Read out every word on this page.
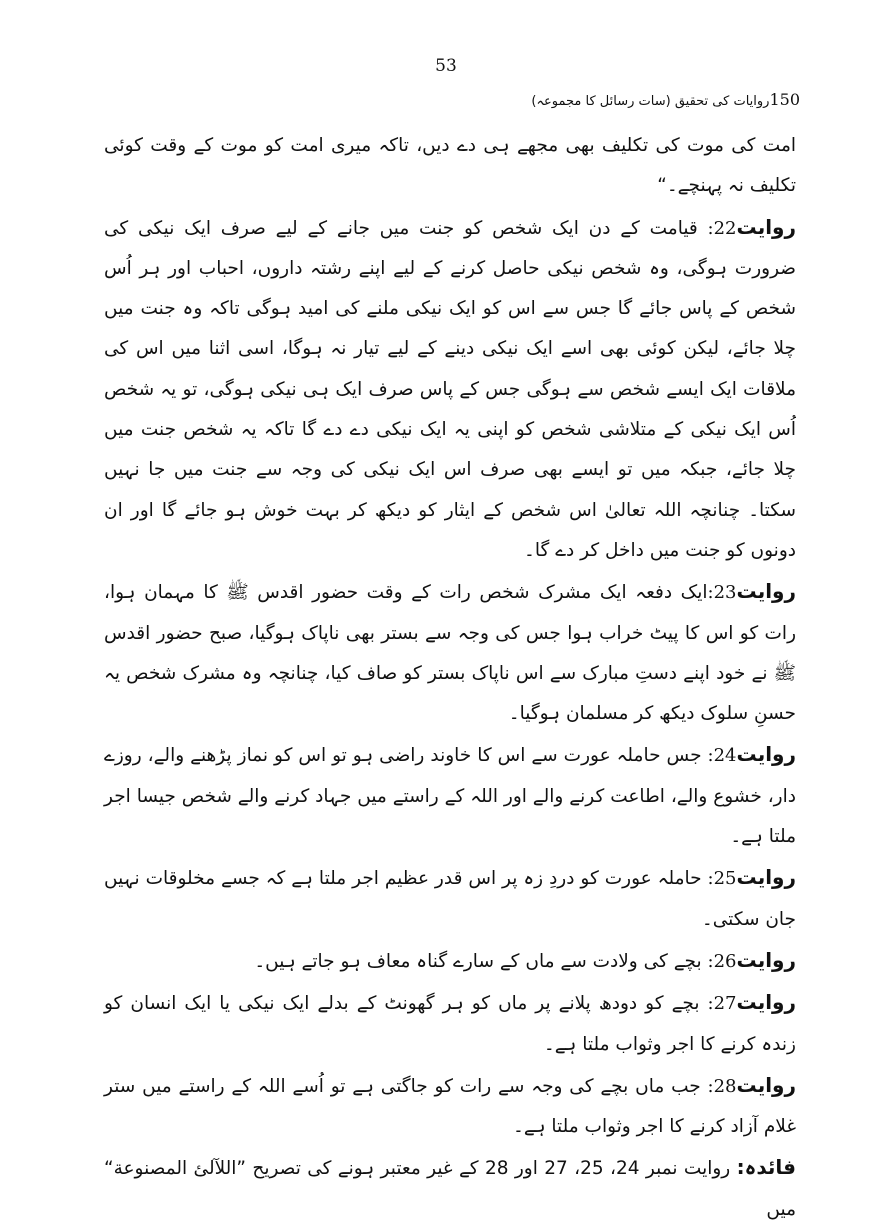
53
150روایات کی تحقیق (سات رسائل کا مجموعہ)

امت کی موت کی تکلیف بھی مجھے ہی دے دیں، تاکہ میری امت کو موت کے وقت کوئی تکلیف نہ پہنچے۔“

روایت22: قیامت کے دن ایک شخص کو جنت میں جانے کے لیے صرف ایک نیکی کی ضرورت ہوگی، وہ شخص نیکی حاصل کرنے کے لیے اپنے رشتہ داروں، احباب اور ہر اُس شخص کے پاس جائے گا جس سے اس کو ایک نیکی ملنے کی امید ہوگی تاکہ وہ جنت میں چلا جائے، لیکن کوئی بھی اسے ایک نیکی دینے کے لیے تیار نہ ہوگا، اسی اثنا میں اس کی ملاقات ایک ایسے شخص سے ہوگی جس کے پاس صرف ایک ہی نیکی ہوگی، تو یہ شخص اُس ایک نیکی کے متلاشی شخص کو اپنی یہ ایک نیکی دے دے گا تاکہ یہ شخص جنت میں چلا جائے، جبکہ میں تو ایسے بھی صرف اس ایک نیکی کی وجہ سے جنت میں جا نہیں سکتا۔ چنانچہ اللہ تعالیٰ اس شخص کے ایثار کو دیکھ کر بہت خوش ہو جائے گا اور ان دونوں کو جنت میں داخل کر دے گا۔

روایت23:ایک دفعہ ایک مشرک شخص رات کے وقت حضور اقدس ﷺ کا مہمان ہوا، رات کو اس کا پیٹ خراب ہوا جس کی وجہ سے بستر بھی ناپاک ہوگیا، صبح حضور اقدس ﷺ نے خود اپنے دستِ مبارک سے اس ناپاک بستر کو صاف کیا، چنانچہ وہ مشرک شخص یہ حسنِ سلوک دیکھ کر مسلمان ہوگیا۔

روایت24: جس حاملہ عورت سے اس کا خاوند راضی ہو تو اس کو نماز پڑھنے والے، روزے دار، خشوع والے، اطاعت کرنے والے اور اللہ کے راستے میں جہاد کرنے والے شخص جیسا اجر ملتا ہے۔

روایت25: حاملہ عورت کو دردِ زہ پر اس قدر عظیم اجر ملتا ہے کہ جسے مخلوقات نہیں جان سکتی۔

روایت26: بچے کی ولادت سے ماں کے سارے گناہ معاف ہو جاتے ہیں۔

روایت27: بچے کو دودھ پلانے پر ماں کو ہر گھونٹ کے بدلے ایک نیکی یا ایک انسان کو زندہ کرنے کا اجر وثواب ملتا ہے۔

روایت28: جب ماں بچے کی وجہ سے رات کو جاگتی ہے تو اُسے اللہ کے راستے میں ستر غلام آزاد کرنے کا اجر وثواب ملتا ہے۔

فائدہ: روایت نمبر 24، 25، 27 اور 28 کے غیر معتبر ہونے کی تصریح ”اللآلئ المصنوعة“ میں
